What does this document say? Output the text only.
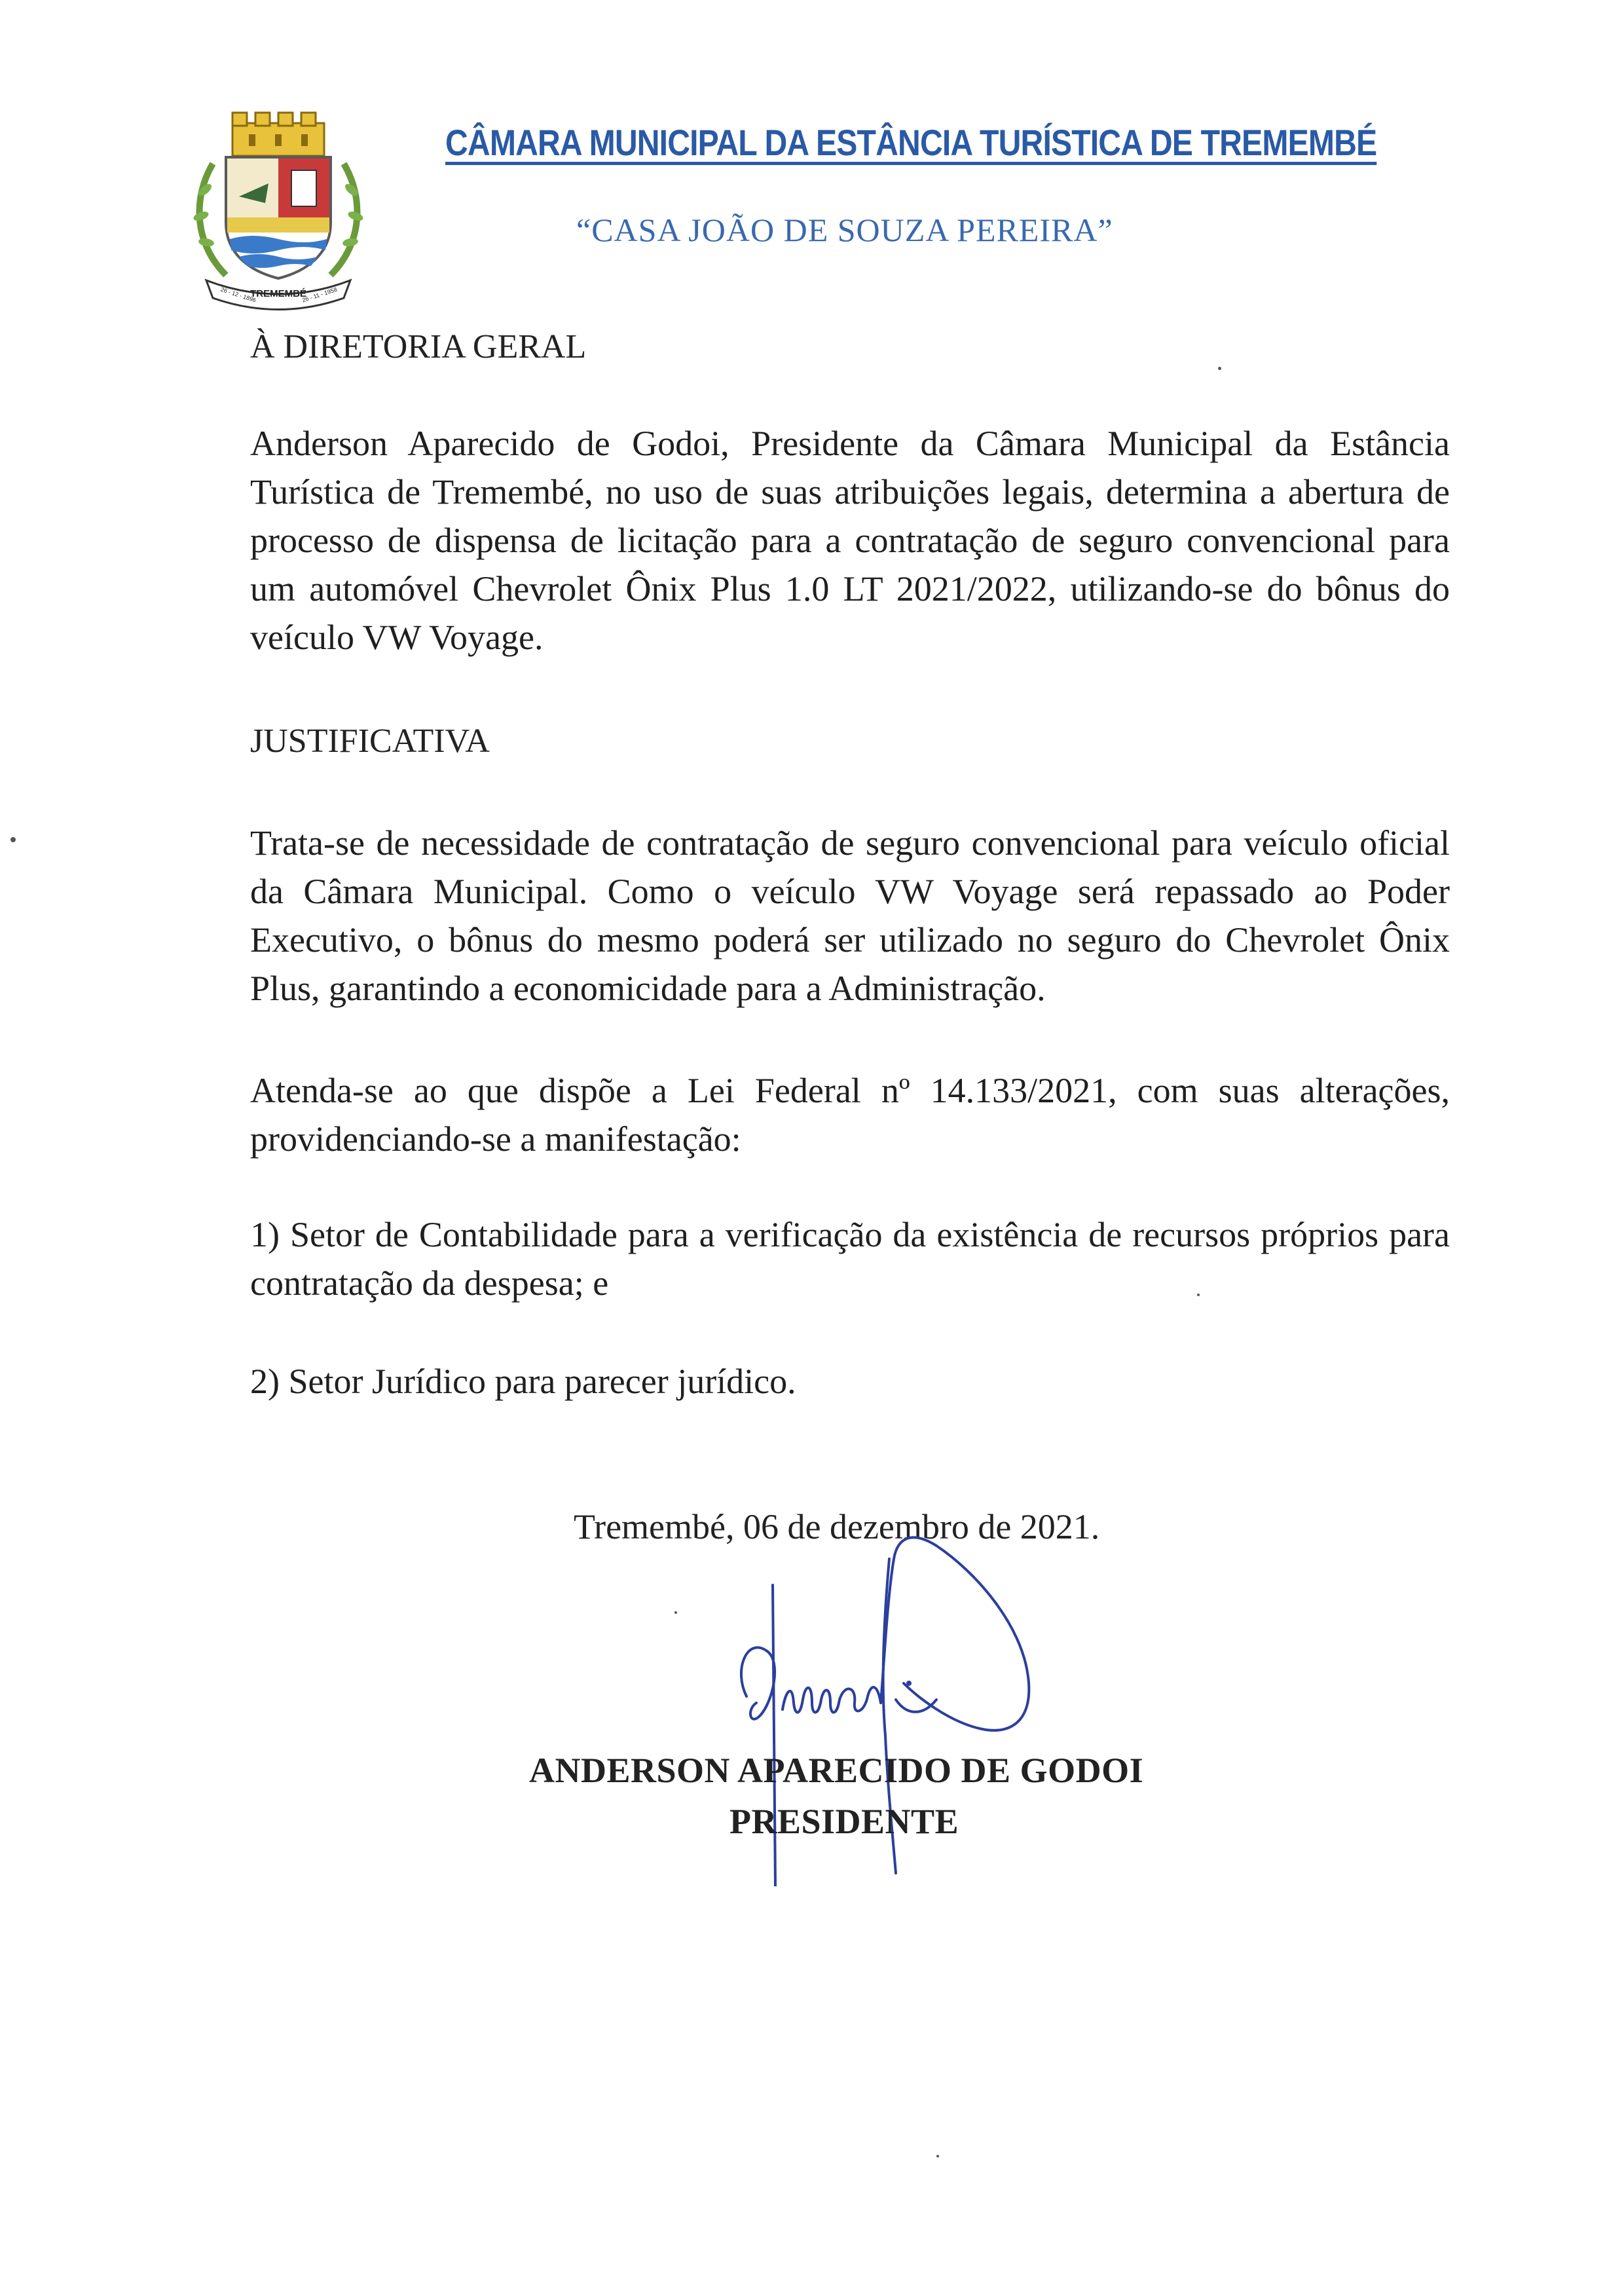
TREMEMBÉ
26 - 12 - 1896	26 - 11 - 1958
CÂMARA MUNICIPAL DA ESTÂNCIA TURÍSTICA DE TREMEMBÉ
“CASA JOÃO DE SOUZA PEREIRA”
À DIRETORIA GERAL
Anderson Aparecido de Godoi, Presidente da Câmara Municipal da Estância Turística de Tremembé, no uso de suas atribuições legais, determina a abertura de processo de dispensa de licitação para a contratação de seguro convencional para um automóvel Chevrolet Ônix Plus 1.0 LT 2021/2022, utilizando-se do bônus do veículo VW Voyage.
JUSTIFICATIVA
Trata-se de necessidade de contratação de seguro convencional para veículo oficial da Câmara Municipal. Como o veículo VW Voyage será repassado ao Poder Executivo, o bônus do mesmo poderá ser utilizado no seguro do Chevrolet Ônix Plus, garantindo a economicidade para a Administração.
Atenda-se ao que dispõe a Lei Federal nº 14.133/2021, com suas alterações, providenciando-se a manifestação:
1) Setor de Contabilidade para a verificação da existência de recursos próprios para contratação da despesa; e
2) Setor Jurídico para parecer jurídico.
Tremembé, 06 de dezembro de 2021.
ANDERSON APARECIDO DE GODOI
PRESIDENTE
